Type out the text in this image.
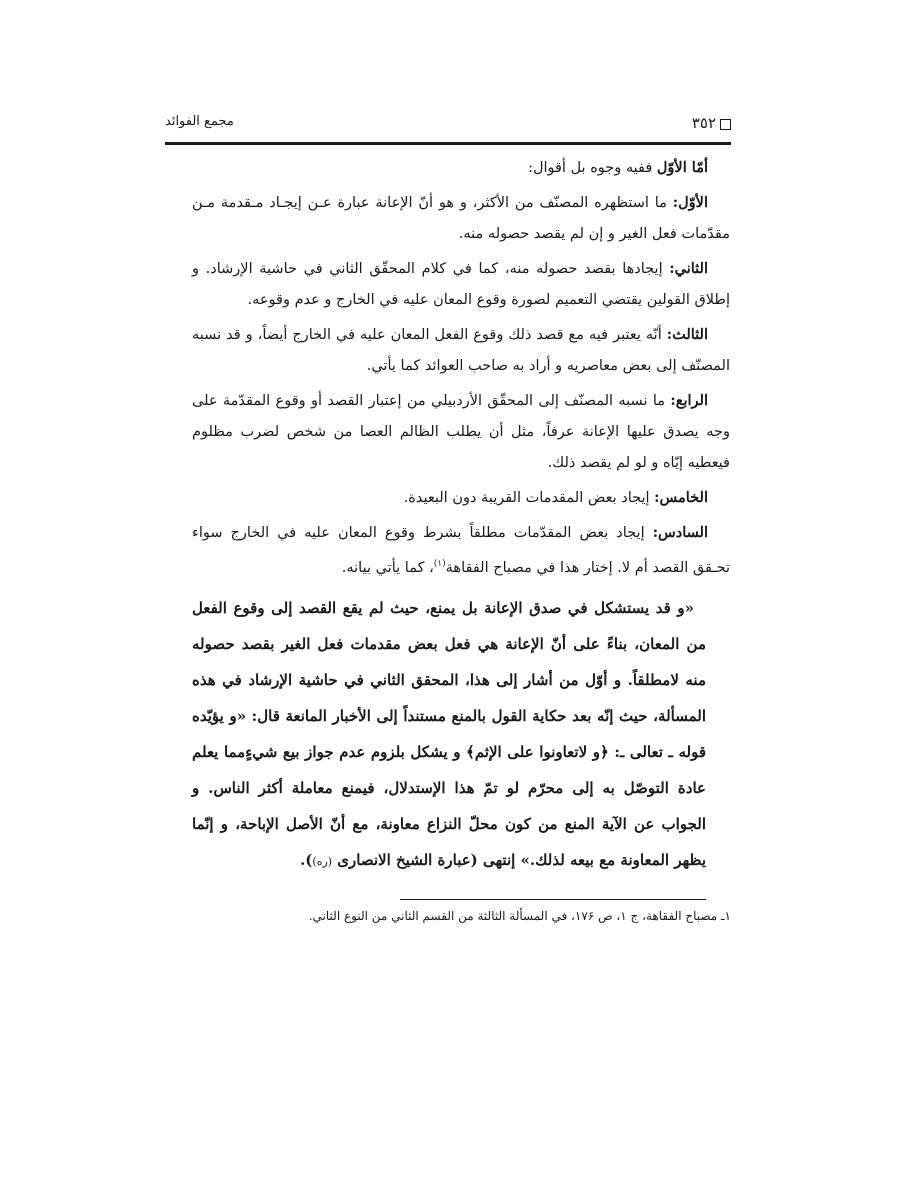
٣٥٢
مجمع الفوائد

أمّا الأوّل ففيه وجوه بل أقوال:

الأوّل: ما استظهره المصنّف من الأكثر، و هو أنّ الإعانة عبارة عـن إيجـاد مـقدمة مـن مقدّمات فعل الغير و إن لم يقصد حصوله منه.

الثاني: إيجادها بقصد حصوله منه، كما في كلام المحقّق الثاني في حاشية الإرشاد. و إطلاق القولين يقتضي التعميم لصورة وقوع المعان عليه في الخارج و عدم وقوعه.

الثالث: أنّه يعتبر فيه مع قصد ذلك وقوع الفعل المعان عليه في الخارج أيضاً، و قد نسبه المصنّف إلى بعض معاصريه و أراد به صاحب العوائد كما يأتي.

الرابع: ما نسبه المصنّف إلى المحقّق الأردبيلي من إعتبار القصد أو وقوع المقدّمة على وجه يصدق عليها الإعانة عرفاً، مثل أن يطلب الظالم العصا من شخص لضرب مظلوم فيعطيه إيّاه و لو لم يقصد ذلك.

الخامس: إيجاد بعض المقدمات القريبة دون البعيدة.

السادس: إيجاد بعض المقدّمات مطلقاً بشرط وقوع المعان عليه في الخارج سواء تحـقق القصد أم لا. إختار هذا في مصباح الفقاهة$^{(١)}$، كما يأتي بيانه.

«و قد يستشكل في صدق الإعانة بل يمنع، حيث لم يقع القصد إلى وقوع الفعل من المعان، بناءً على أنّ الإعانة هي فعل بعض مقدمات فعل الغير بقصد حصوله منه لامطلقاً. و أوّل من أشار إلى هذا، المحقق الثاني في حاشية الإرشاد في هذه المسألة، حيث إنّه بعد حكاية القول بالمنع مستنداً إلى الأخبار المانعة قال: «و يؤيّده قوله ـ تعالى ـ: ﴿و لاتعاونوا على الإثم﴾ و يشكل بلزوم عدم جواز بيع شيءٍمما يعلم عادة التوصّل به إلى محرّم لو تمّ هذا الإستدلال، فيمنع معاملة أكثر الناس. و الجواب عن الآية المنع من كون محلّ النزاع معاونة، مع أنّ الأصل الإباحة، و إنّما يظهر المعاونة مع بيعه لذلك.» إنتهى (عبارة الشيخ الانصارى (ره)).

١ـ مصباح الفقاهة، ج ١، ص ١٧۶، في المسألة الثالثة من القسم الثاني من النوع الثاني.
